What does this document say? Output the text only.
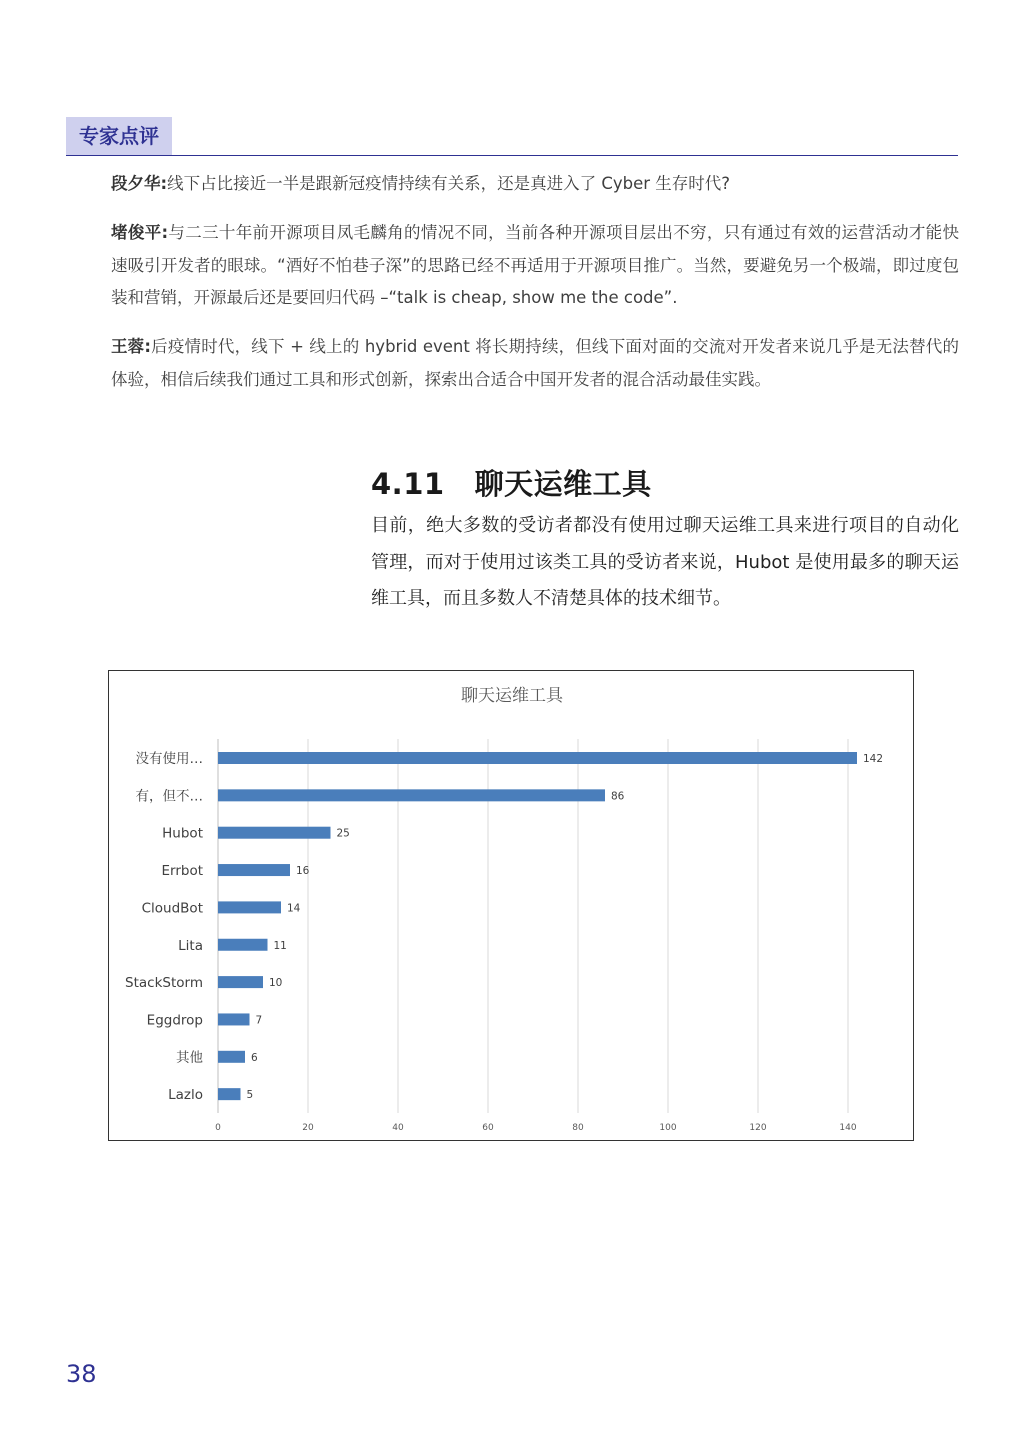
专家点评

段夕华:线下占比接近一半是跟新冠疫情持续有关系，还是真进入了 Cyber 生存时代?

堵俊平:与二三十年前开源项目凤毛麟角的情况不同，当前各种开源项目层出不穷，只有通过有效的运营活动才能快速吸引开发者的眼球。“酒好不怕巷子深”的思路已经不再适用于开源项目推广。当然，要避免另一个极端，即过度包装和营销，开源最后还是要回归代码 –“talk is cheap, show me the code”.

王蓉:后疫情时代，线下 + 线上的 hybrid event 将长期持续，但线下面对面的交流对开发者来说几乎是无法替代的体验，相信后续我们通过工具和形式创新，探索出合适合中国开发者的混合活动最佳实践。

4.11 聊天运维工具
目前，绝大多数的受访者都没有使用过聊天运维工具来进行项目的自动化管理，而对于使用过该类工具的受访者来说，Hubot 是使用最多的聊天运维工具，而且多数人不清楚具体的技术细节。
聊天运维工具
0	20	40	60	80	100	120	140
没有使用…	142
有，但不…	86
Hubot	25
Errbot	16
CloudBot	14
Lita	11
StackStorm	10
Eggdrop	7
其他	6
Lazlo	5
38
